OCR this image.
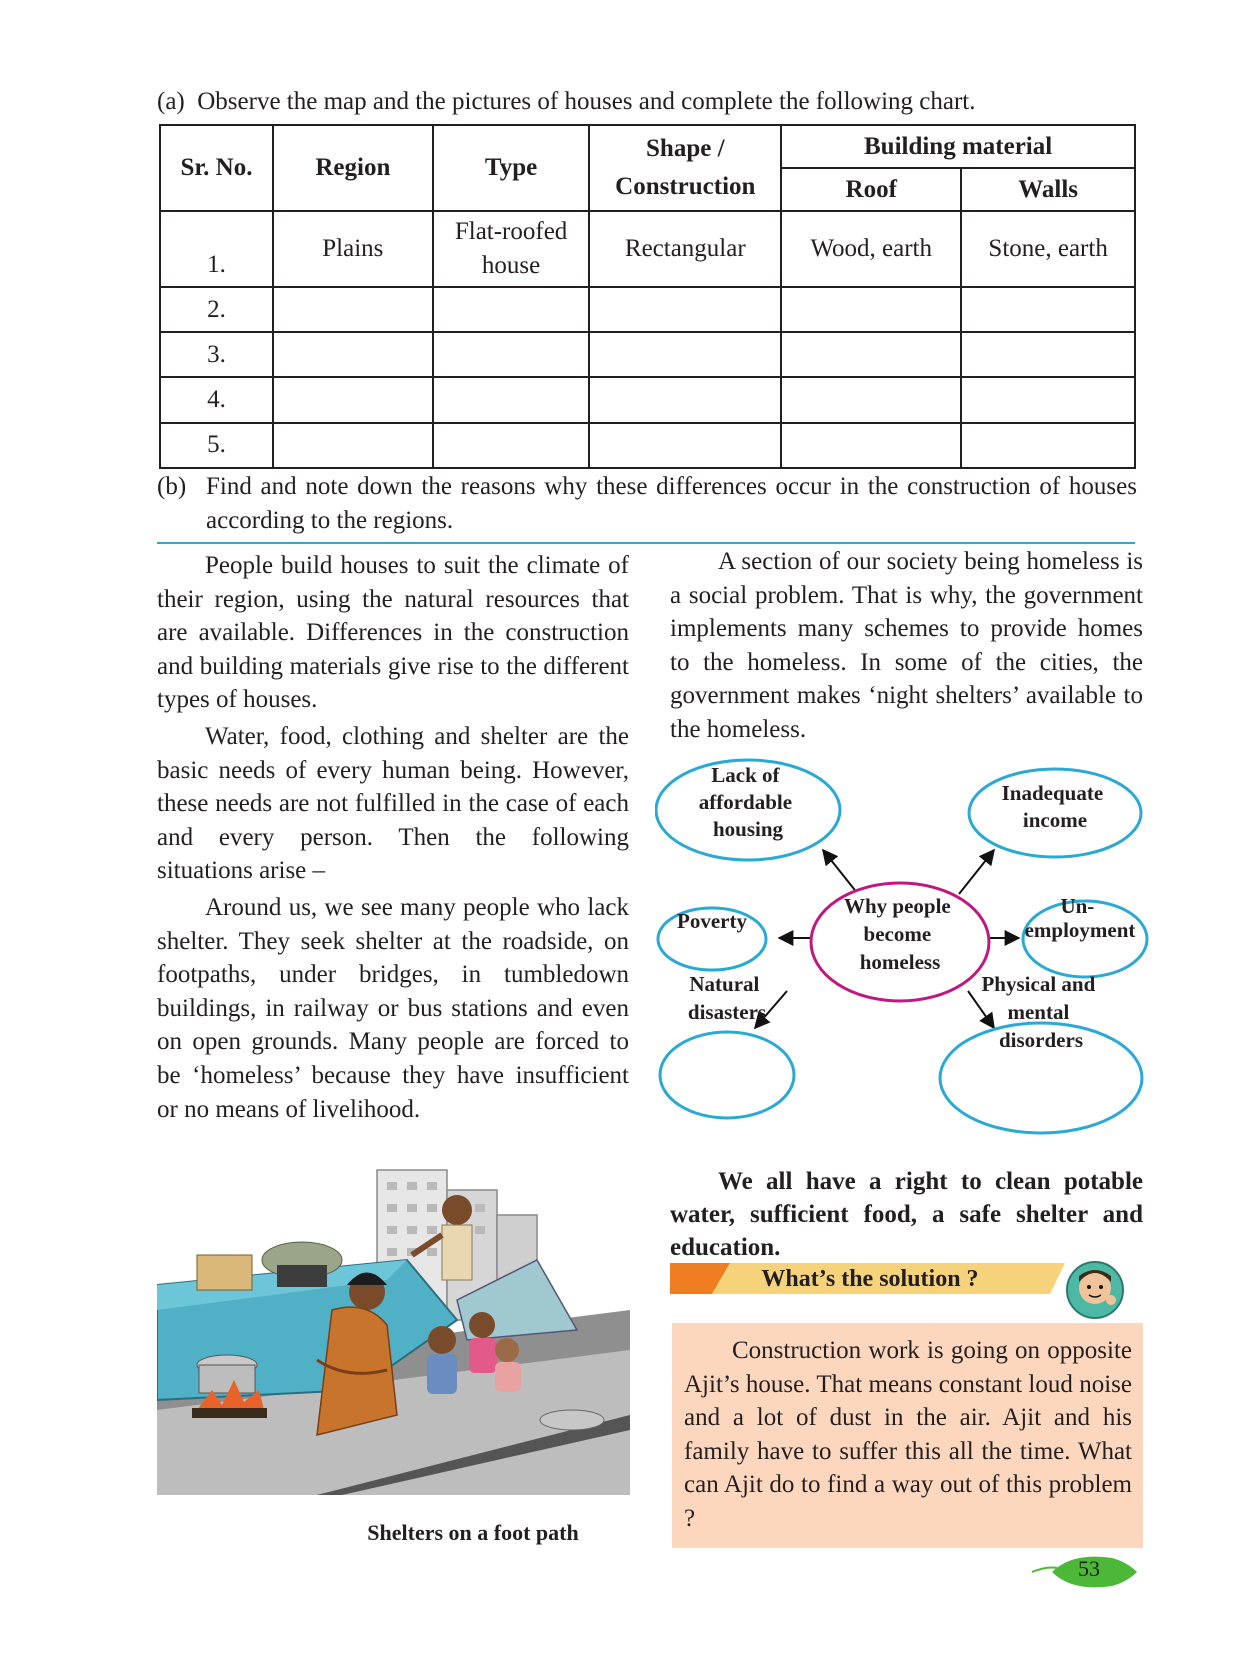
(a) Observe the map and the pictures of houses and complete the following chart.
Sr. No.	Region	Type	Shape / Construction	Building material	
				Roof	Walls
1.	Plains	Flat-roofed house	Rectangular	Wood, earth	Stone, earth
2.					
3.					
4.					
5.					
(b) Find and note down the reasons why these differences occur in the construction of houses according to the regions.

People build houses to suit the climate of their region, using the natural resources that are available. Differences in the construction and building materials give rise to the different types of houses.

Water, food, clothing and shelter are the basic needs of every human being. However, these needs are not fulfilled in the case of each and every person. Then the following situations arise –

Around us, we see many people who lack shelter. They seek shelter at the roadside, on footpaths, under bridges, in tumbledown buildings, in railway or bus stations and even on open grounds. Many people are forced to be ‘homeless’ because they have insufficient or no means of livelihood.

A section of our society being homeless is a social problem. That is why, the government implements many schemes to provide homes to the homeless. In some of the cities, the government makes ‘night shelters’ available to the homeless.

Why people become homeless
Lack of affordable housing
Inadequate income
Poverty
Un- employment
Natural disasters
Physical and mental disorders
We all have a right to clean potable water, sufficient food, a safe shelter and education.
Shelters on a foot path
What’s the solution ?
Construction work is going on opposite Ajit’s house. That means constant loud noise and a lot of dust in the air. Ajit and his family have to suffer this all the time. What can Ajit do to find a way out of this problem ?
53
